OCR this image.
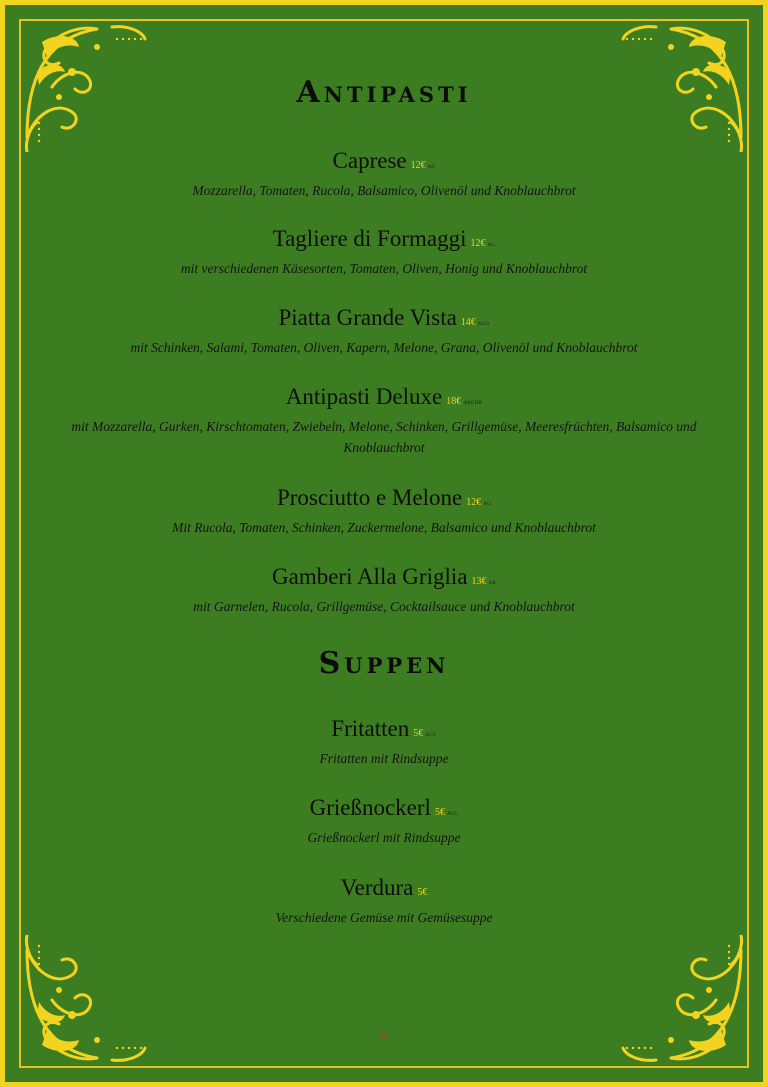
Antipasti
Caprese 12€ AG
Mozzarella, Tomaten, Rucola, Balsamico, Olivenöl und Knoblauchbrot
Tagliere di Formaggi 12€ AG
mit verschiedenen Käsesorten, Tomaten, Oliven, Honig und Knoblauchbrot
Piatta Grande Vista 14€ AGO
mit Schinken, Salami, Tomaten, Oliven, Kapern, Melone, Grana, Olivenöl und Knoblauchbrot
Antipasti Deluxe 18€ ABGOR
mit Mozzarella, Gurken, Kirschtomaten, Zwiebeln, Melone, Schinken, Grillgemüse, Meeresfrüchten, Balsamico und Knoblauchbrot
Prosciutto e Melone 12€ AO
Mit Rucola, Tomaten, Schinken, Zuckermelone, Balsamico und Knoblauchbrot
Gamberi Alla Griglia 13€ AB
mit Garnelen, Rucola, Grillgemüse, Cocktailsauce und Knoblauchbrot
Suppen
Fritatten 5€ ACG
Fritatten mit Rindsuppe
Grießnockerl 5€ ACG
Grießnockerl mit Rindsuppe
Verdura 5€
Verschiedene Gemüse mit Gemüsesuppe
V
